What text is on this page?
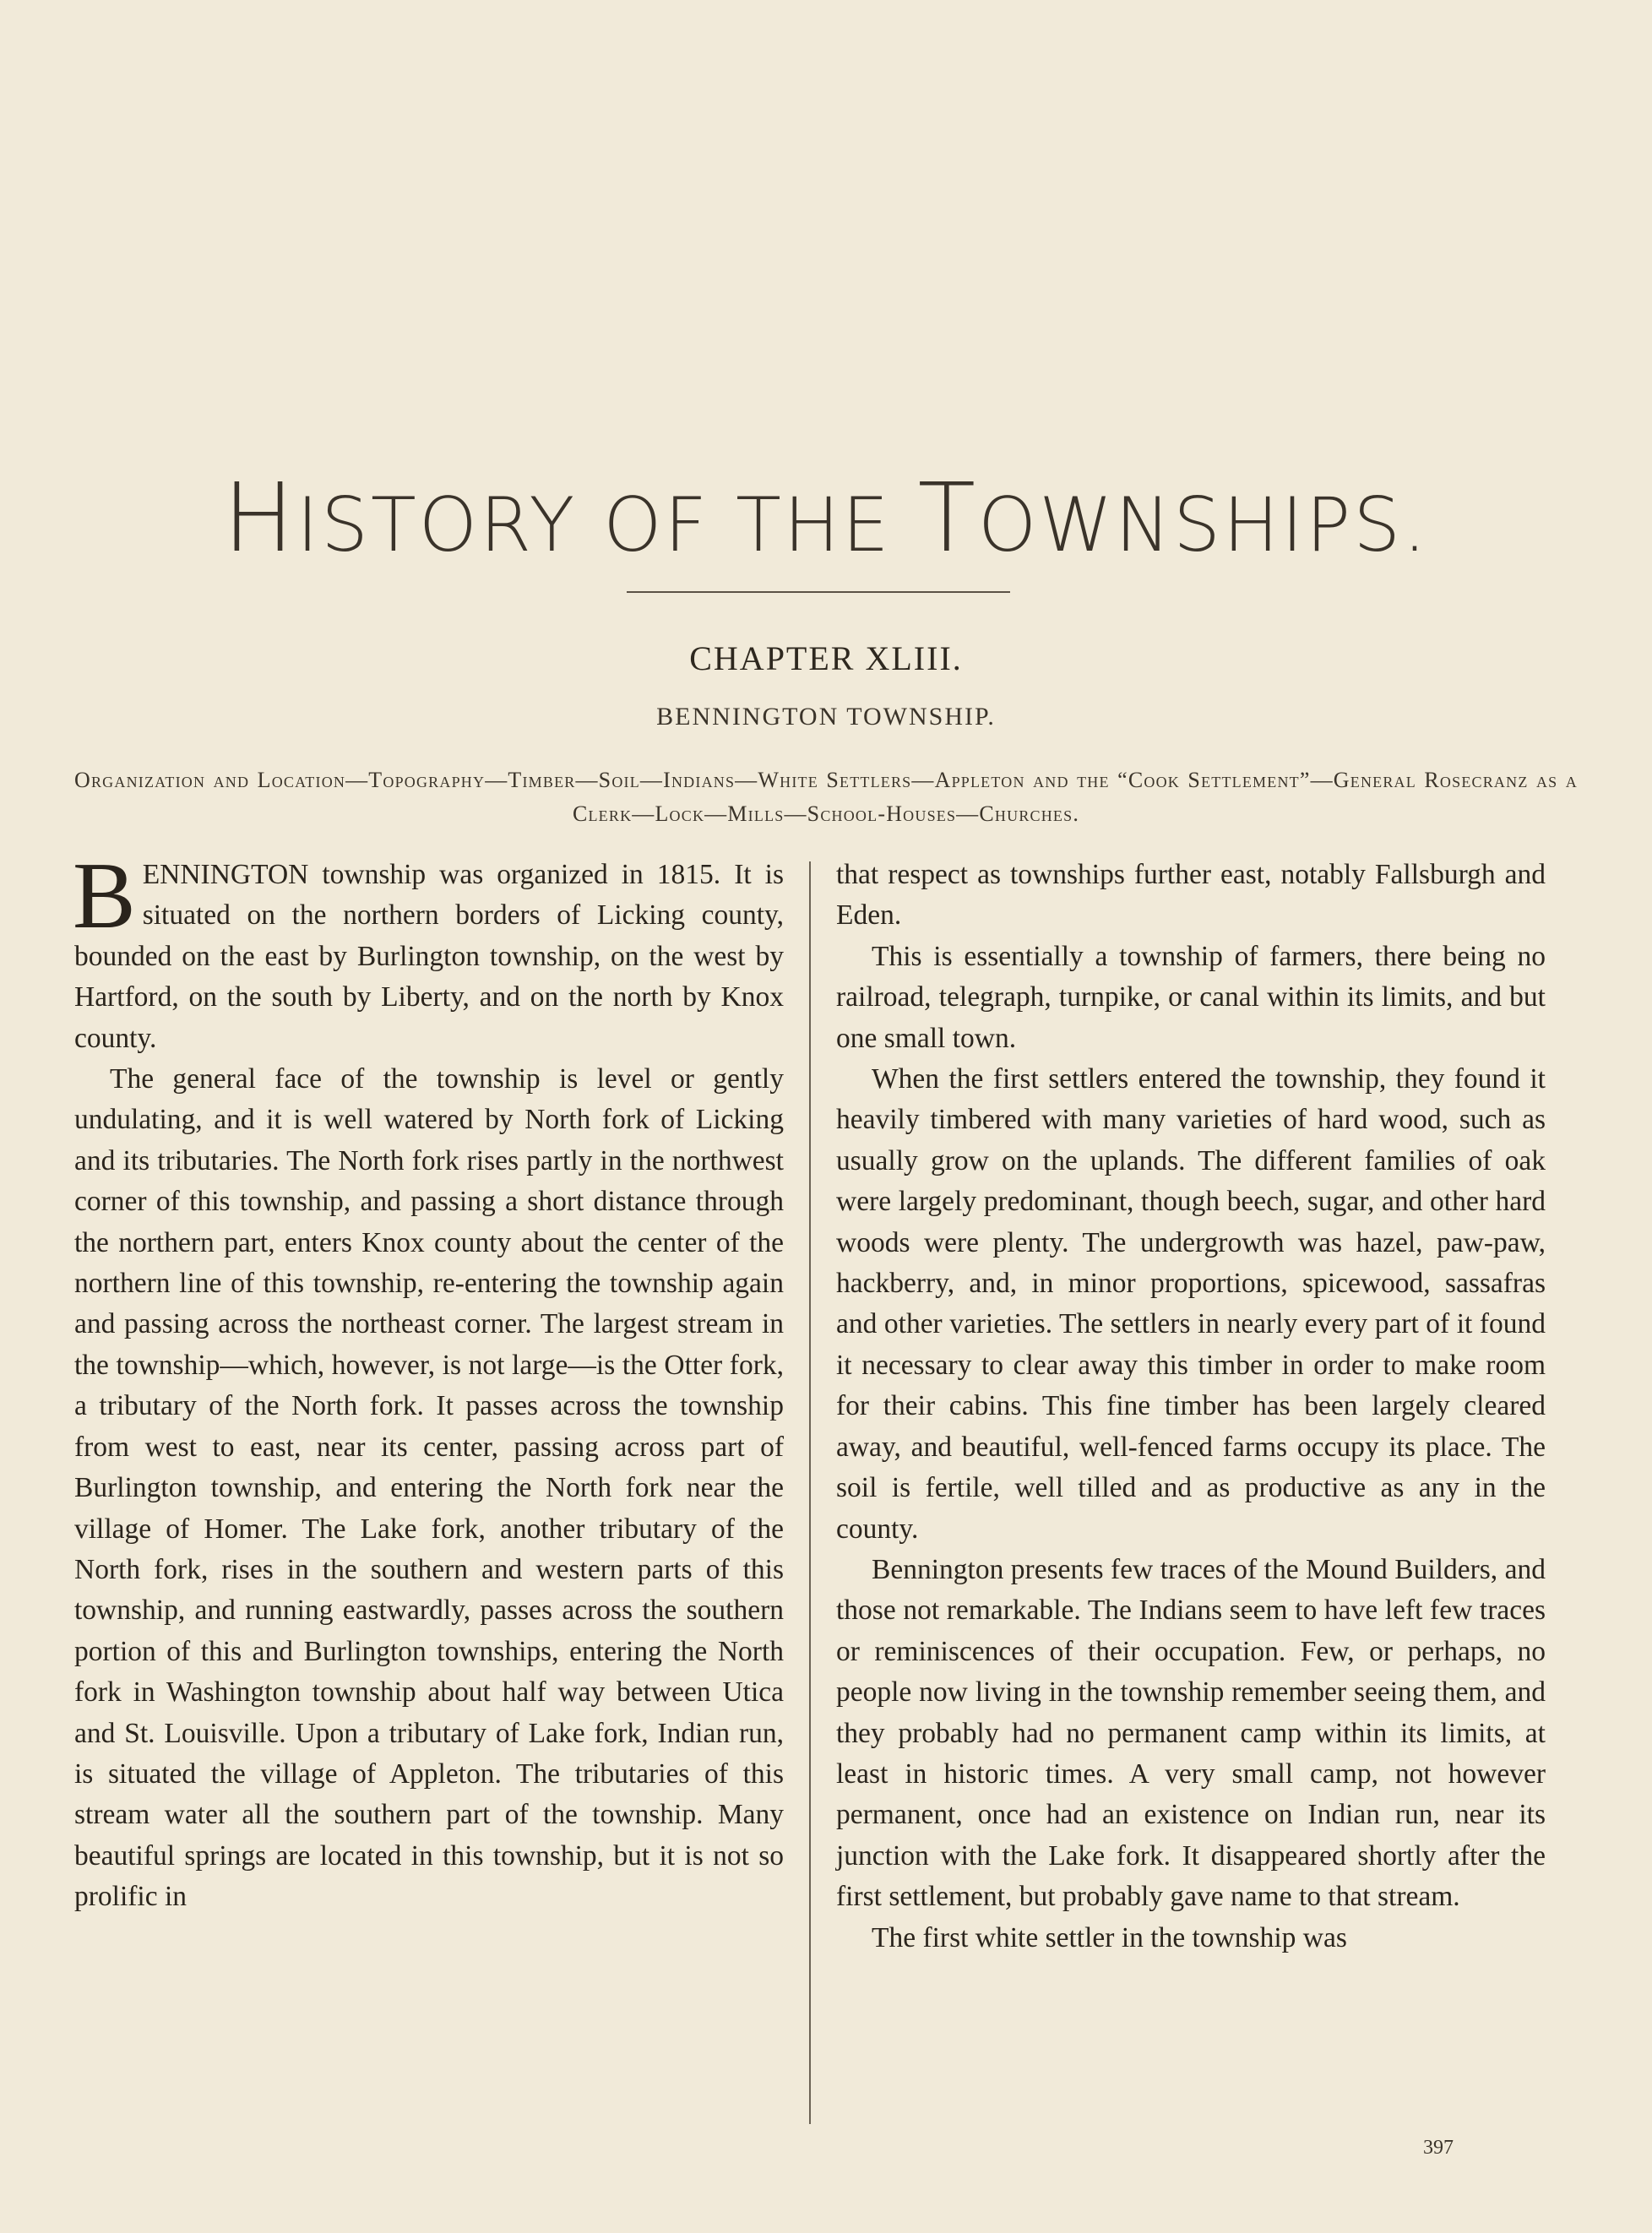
HISTORY OF THE TOWNSHIPS.
CHAPTER XLIII.
BENNINGTON TOWNSHIP.
Organization and Location—Topography—Timber—Soil—Indians—White Settlers—Appleton and the “Cook Settlement”—General Rosecranz as a Clerk—Lock—Mills—School-Houses—Churches.

BENNINGTON township was organized in 1815. It is situated on the northern borders of Licking county, bounded on the east by Burlington township, on the west by Hartford, on the south by Liberty, and on the north by Knox county.

The general face of the township is level or gently undulating, and it is well watered by North fork of Licking and its tributaries. The North fork rises partly in the northwest corner of this township, and passing a short distance through the northern part, enters Knox county about the center of the northern line of this township, re-entering the township again and passing across the northeast corner. The largest stream in the township—which, however, is not large—is the Otter fork, a tributary of the North fork. It passes across the township from west to east, near its center, passing across part of Burlington township, and entering the North fork near the village of Homer. The Lake fork, another tributary of the North fork, rises in the southern and western parts of this township, and running eastwardly, passes across the southern portion of this and Burlington townships, entering the North fork in Washington township about half way between Utica and St. Louisville. Upon a tributary of Lake fork, Indian run, is situated the village of Appleton. The tributaries of this stream water all the southern part of the township. Many beautiful springs are located in this township, but it is not so prolific in

that respect as townships further east, notably Fallsburgh and Eden.

This is essentially a township of farmers, there being no railroad, telegraph, turnpike, or canal within its limits, and but one small town.

When the first settlers entered the township, they found it heavily timbered with many varieties of hard wood, such as usually grow on the uplands. The different families of oak were largely predominant, though beech, sugar, and other hard woods were plenty. The undergrowth was hazel, paw-paw, hackberry, and, in minor proportions, spicewood, sassafras and other varieties. The settlers in nearly every part of it found it necessary to clear away this timber in order to make room for their cabins. This fine timber has been largely cleared away, and beautiful, well-fenced farms occupy its place. The soil is fertile, well tilled and as productive as any in the county.

Bennington presents few traces of the Mound Builders, and those not remarkable. The Indians seem to have left few traces or reminiscences of their occupation. Few, or perhaps, no people now living in the township remember seeing them, and they probably had no permanent camp within its limits, at least in historic times. A very small camp, not however permanent, once had an existence on Indian run, near its junction with the Lake fork. It disappeared shortly after the first settlement, but probably gave name to that stream.

The first white settler in the township was

397
